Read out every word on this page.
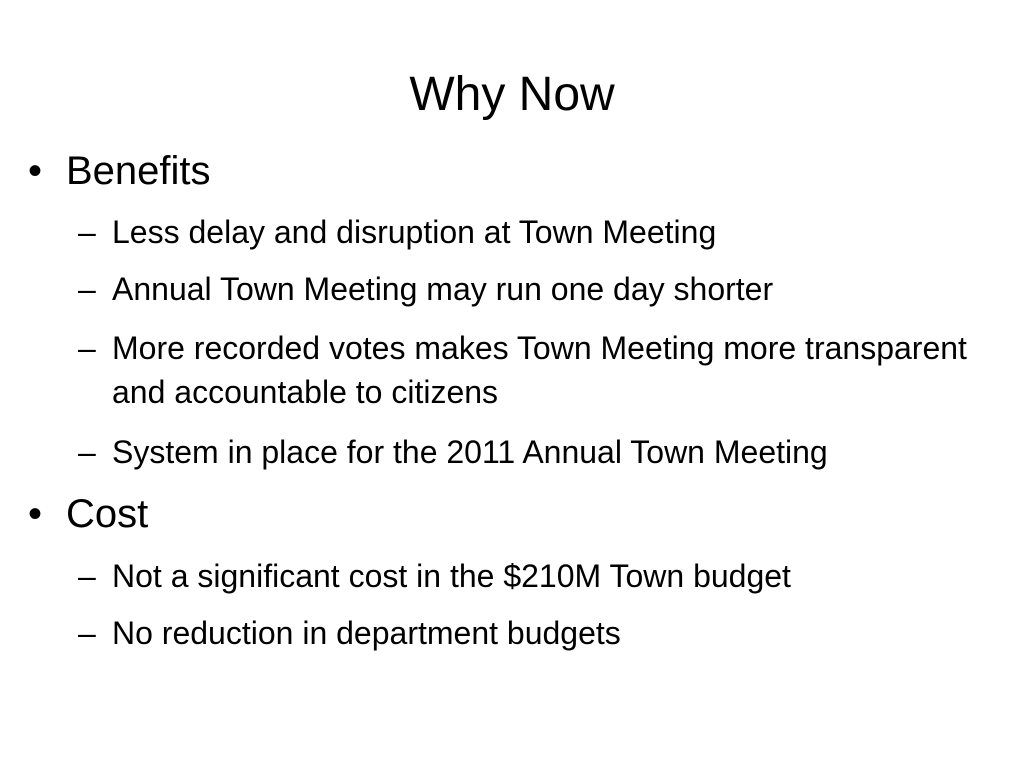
Why Now
• Benefits
– Less delay and disruption at Town Meeting
– Annual Town Meeting may run one day shorter
– More recorded votes makes Town Meeting more transparent and accountable to citizens
– System in place for the 2011 Annual Town Meeting
• Cost
– Not a significant cost in the $210M Town budget
– No reduction in department budgets
